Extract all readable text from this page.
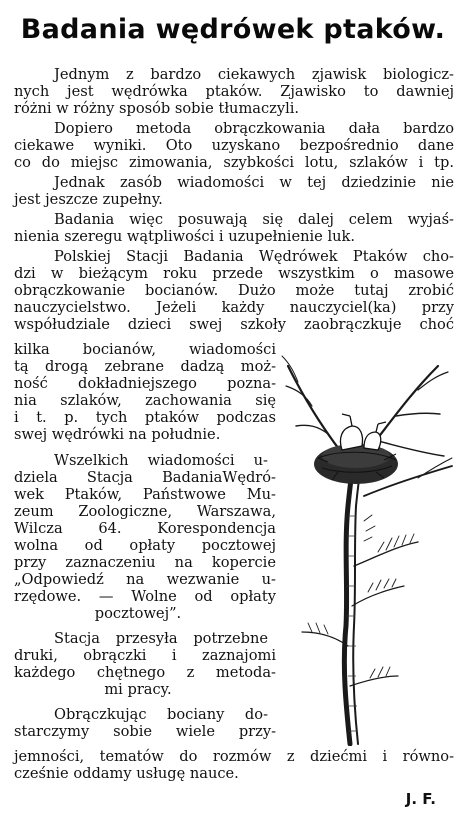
Badania wędrówek ptaków.
Jednym z bardzo ciekawych zjawisk biologicz-
nych jest wędrówka ptaków. Zjawisko to dawniej
różni w różny sposób sobie tłumaczyli.
Dopiero metoda obrączkowania dała bardzo
ciekawe wyniki. Oto uzyskano bezpośrednio dane
co do miejsc zimowania, szybkości lotu, szlaków i tp.
Jednak zasób wiadomości w tej dziedzinie nie
jest jeszcze zupełny.
Badania więc posuwają się dalej celem wyjaś-
nienia szeregu wątpliwości i uzupełnienie luk.
Polskiej Stacji Badania Wędrówek Ptaków cho-
dzi w bieżącym roku przede wszystkim o masowe
obrączkowanie bocianów. Dużo może tutaj zrobić
nauczycielstwo. Jeżeli każdy nauczyciel(ka) przy
współudziale dzieci swej szkoły zaobrączkuje choć
kilka bocianów, wiadomości
tą drogą zebrane dadzą moż-
ność dokładniejszego pozna-
nia szlaków, zachowania się
i t. p. tych ptaków podczas
swej wędrówki na południe.
Wszelkich wiadomości u-
dziela Stacja BadaniaWędró-
wek Ptaków, Państwowe Mu-
zeum Zoologiczne, Warszawa,
Wilcza 64. Korespondencja
wolna od opłaty pocztowej
przy zaznaczeniu na kopercie
„Odpowiedź na wezwanie u-
rzędowe. — Wolne od opłaty
pocztowej”.
Stacja przesyła potrzebne
druki, obrączki i zaznajomi
każdego chętnego z metoda-
mi pracy.
Obrączkując bociany do-
starczymy sobie wiele przy-
jemności, tematów do rozmów z dziećmi i równo-
cześnie oddamy usługę nauce.
J. F.
